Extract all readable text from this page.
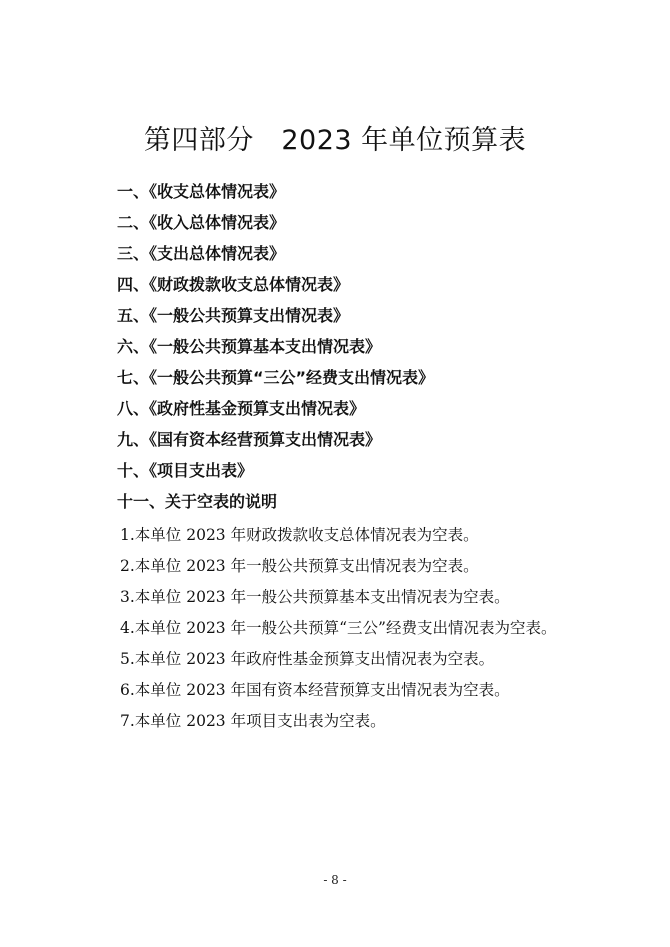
第四部分　2023 年单位预算表
一、《收支总体情况表》
二、《收入总体情况表》
三、《支出总体情况表》
四、《财政拨款收支总体情况表》
五、《一般公共预算支出情况表》
六、《一般公共预算基本支出情况表》
七、《一般公共预算“三公”经费支出情况表》
八、《政府性基金预算支出情况表》
九、《国有资本经营预算支出情况表》
十、《项目支出表》
十一、关于空表的说明
1.本单位 2023 年财政拨款收支总体情况表为空表。
2.本单位 2023 年一般公共预算支出情况表为空表。
3.本单位 2023 年一般公共预算基本支出情况表为空表。
4.本单位 2023 年一般公共预算“三公”经费支出情况表为空表。
5.本单位 2023 年政府性基金预算支出情况表为空表。
6.本单位 2023 年国有资本经营预算支出情况表为空表。
7.本单位 2023 年项目支出表为空表。
- 8 -
